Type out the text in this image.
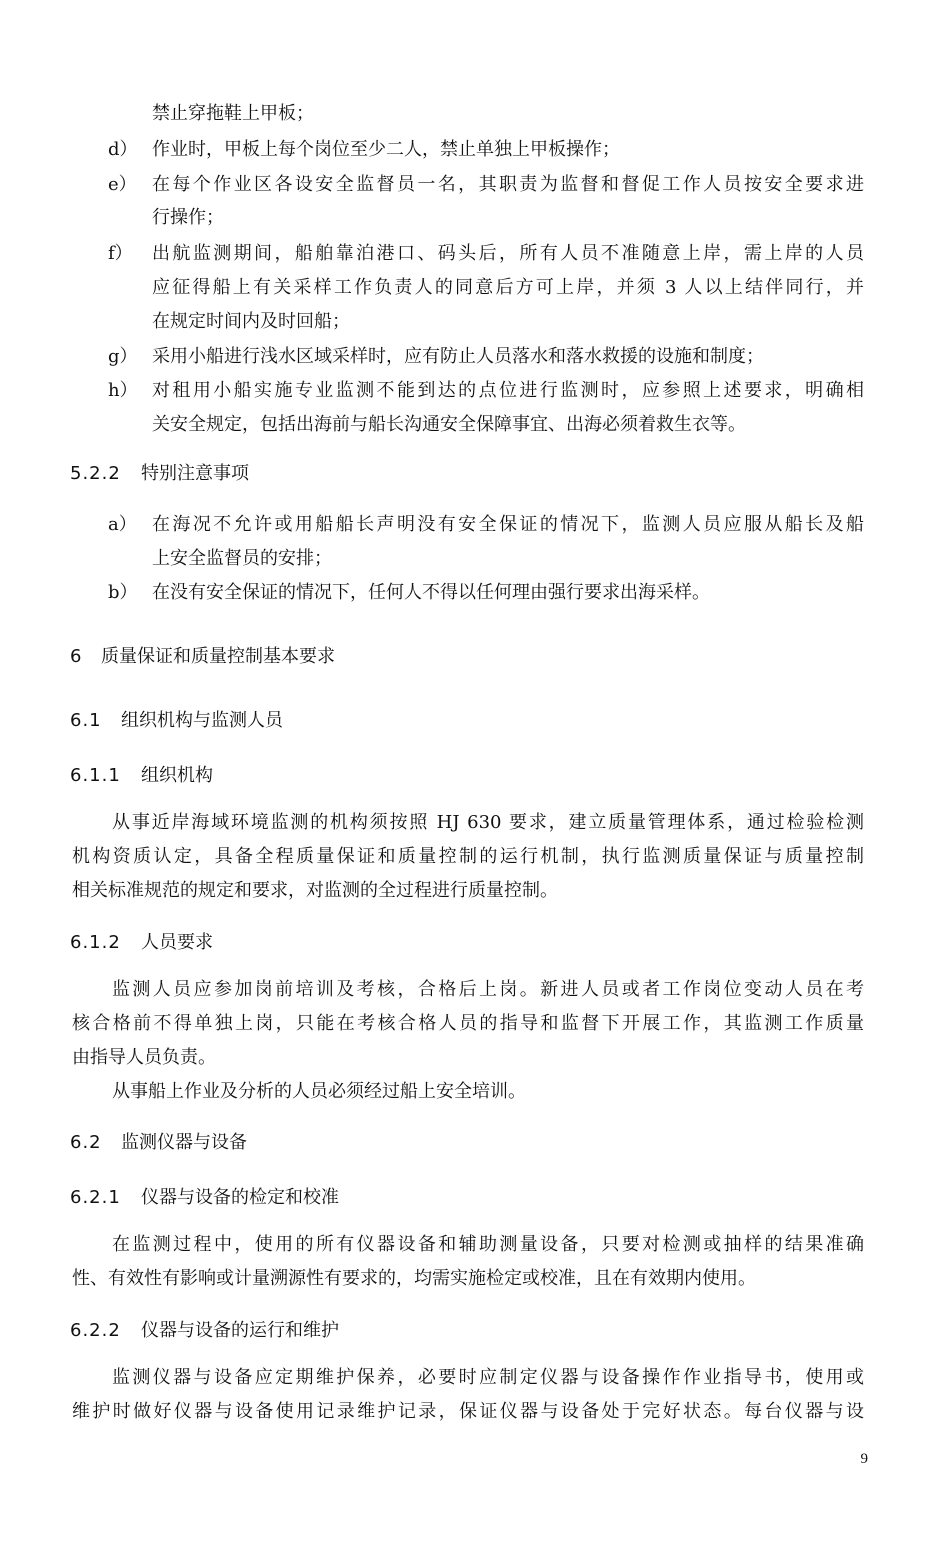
禁止穿拖鞋上甲板；
d） 作业时，甲板上每个岗位至少二人，禁止单独上甲板操作；
e） 在每个作业区各设安全监督员一名，其职责为监督和督促工作人员按安全要求进
行操作；
f）	出航监测期间，船舶靠泊港口、码头后，所有人员不准随意上岸，需上岸的人员
应征得船上有关采样工作负责人的同意后方可上岸，并须 3 人以上结伴同行，并
在规定时间内及时回船；
g） 采用小船进行浅水区域采样时，应有防止人员落水和落水救援的设施和制度；
h） 对租用小船实施专业监测不能到达的点位进行监测时，应参照上述要求，明确相
关安全规定，包括出海前与船长沟通安全保障事宜、出海必须着救生衣等。
5.2.2 特别注意事项
a） 在海况不允许或用船船长声明没有安全保证的情况下，监测人员应服从船长及船
上安全监督员的安排；
b） 在没有安全保证的情况下，任何人不得以任何理由强行要求出海采样。
6 质量保证和质量控制基本要求
6.1 组织机构与监测人员
6.1.1 组织机构
从事近岸海域环境监测的机构须按照 HJ 630 要求，建立质量管理体系，通过检验检测
机构资质认定，具备全程质量保证和质量控制的运行机制，执行监测质量保证与质量控制
相关标准规范的规定和要求，对监测的全过程进行质量控制。
6.1.2 人员要求
监测人员应参加岗前培训及考核，合格后上岗。新进人员或者工作岗位变动人员在考
核合格前不得单独上岗，只能在考核合格人员的指导和监督下开展工作，其监测工作质量
由指导人员负责。
从事船上作业及分析的人员必须经过船上安全培训。
6.2 监测仪器与设备
6.2.1 仪器与设备的检定和校准
在监测过程中，使用的所有仪器设备和辅助测量设备，只要对检测或抽样的结果准确
性、有效性有影响或计量溯源性有要求的，均需实施检定或校准，且在有效期内使用。
6.2.2 仪器与设备的运行和维护
监测仪器与设备应定期维护保养，必要时应制定仪器与设备操作作业指导书，使用或
维护时做好仪器与设备使用记录维护记录，保证仪器与设备处于完好状态。每台仪器与设
9
